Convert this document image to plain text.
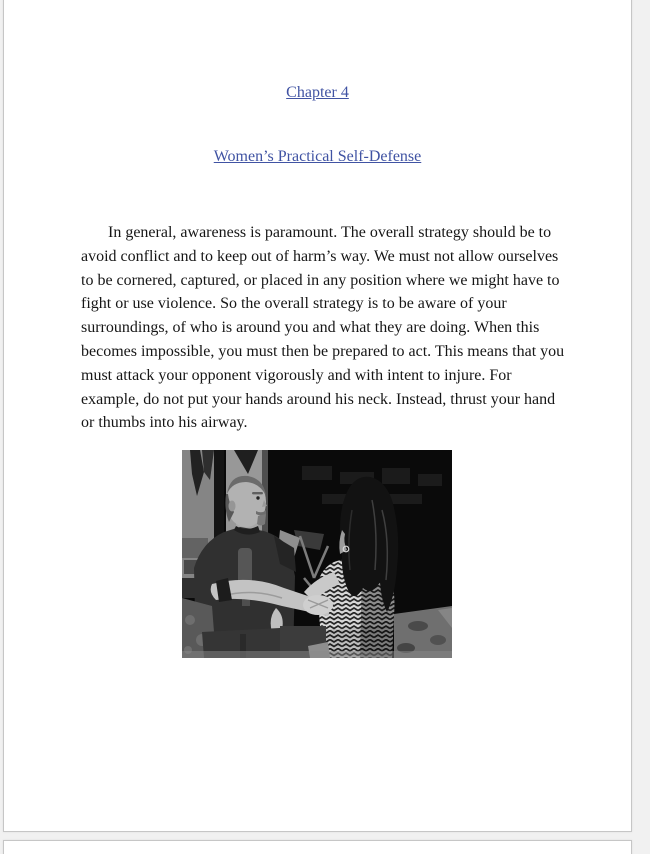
Chapter 4
Women’s Practical Self-Defense

In general, awareness is paramount. The overall strategy should be to avoid conflict and to keep out of harm’s way. We must not allow ourselves to be cornered, captured, or placed in any position where we might have to fight or use violence. So the overall strategy is to be aware of your surroundings, of who is around you and what they are doing. When this becomes impossible, you must then be prepared to act. This means that you must attack your opponent vigorously and with intent to injure. For example, do not put your hands around his neck. Instead, thrust your hand or thumbs into his airway.
